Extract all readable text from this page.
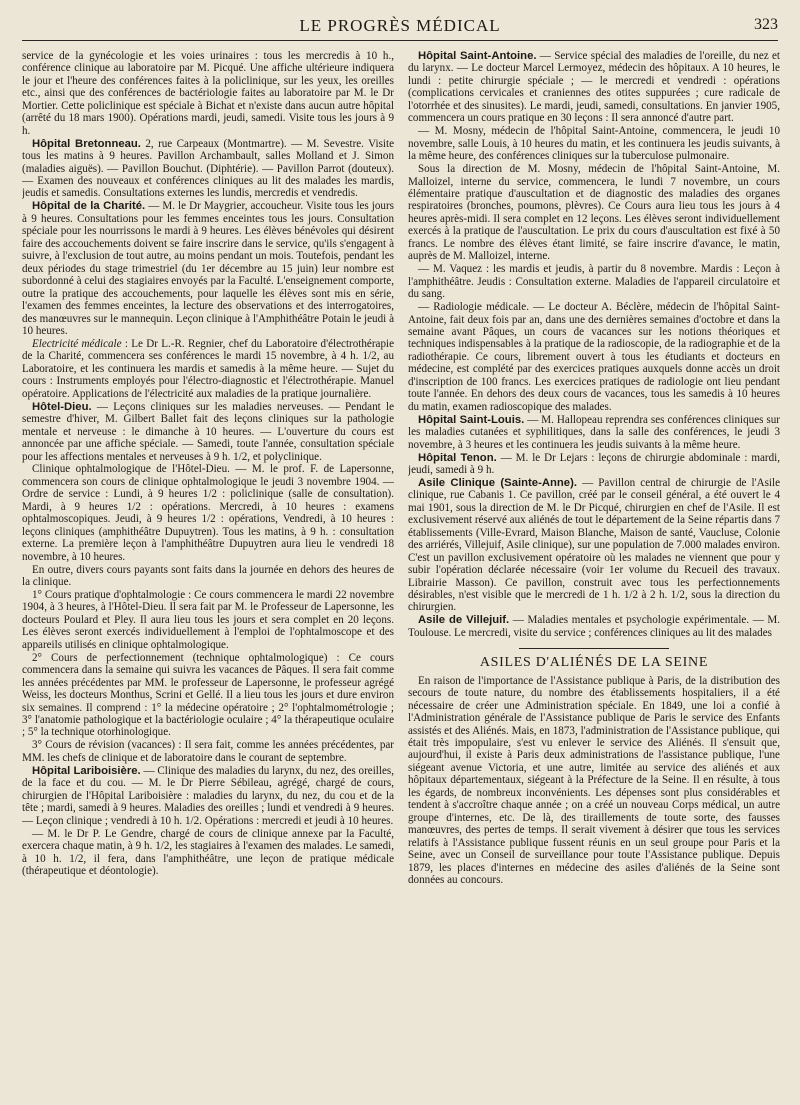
LE PROGRÈS MÉDICAL	323

service de la gynécologie et les voies urinaires : tous les mercredis à 10 h., conférence clinique au laboratoire par M. Picqué. Une affiche ultérieure indiquera le jour et l'heure des conférences faites à la policlinique, sur les yeux, les oreilles etc., ainsi que des conférences de bactériologie faites au laboratoire par M. le Dr Mortier. Cette policlinique est spéciale à Bichat et n'existe dans aucun autre hôpital (arrêté du 18 mars 1900). Opérations mardi, jeudi, samedi. Visite tous les jours à 9 h.

Hôpital Bretonneau. 2, rue Carpeaux (Montmartre). — M. Sevestre. Visite tous les matins à 9 heures. Pavillon Archambault, salles Molland et J. Simon (maladies aiguës). — Pavillon Bouchut. (Diphtérie). — Pavillon Parrot (douteux). — Examen des nouveaux et conférences cliniques au lit des malades les mardis, jeudis et samedis. Consultations externes les lundis, mercredis et vendredis.

Hôpital de la Charité. — M. le Dr Maygrier, accoucheur. Visite tous les jours à 9 heures. Consultations pour les femmes enceintes tous les jours. Consultation spéciale pour les nourrissons le mardi à 9 heures. Les élèves bénévoles qui désirent faire des accouchements doivent se faire inscrire dans le service, qu'ils s'engagent à suivre, à l'exclusion de tout autre, au moins pendant un mois. Toutefois, pendant les deux périodes du stage trimestriel (du 1er décembre au 15 juin) leur nombre est subordonné à celui des stagiaires envoyés par la Faculté. L'enseignement comporte, outre la pratique des accouchements, pour laquelle les élèves sont mis en série, l'examen des femmes enceintes, la lecture des observations et des interrogatoires, des manœuvres sur le mannequin. Leçon clinique à l'Amphithéâtre Potain le jeudi à 10 heures.

Electricité médicale : Le Dr L.-R. Regnier, chef du Laboratoire d'électrothérapie de la Charité, commencera ses conférences le mardi 15 novembre, à 4 h. 1/2, au Laboratoire, et les continuera les mardis et samedis à la même heure. — Sujet du cours : Instruments employés pour l'électro-diagnostic et l'électrothérapie. Manuel opératoire. Applications de l'électricité aux maladies de la pratique journalière.

Hôtel-Dieu. — Leçons cliniques sur les maladies nerveuses. — Pendant le semestre d'hiver, M. Gilbert Ballet fait des leçons cliniques sur la pathologie mentale et nerveuse : le dimanche à 10 heures. — L'ouverture du cours est annoncée par une affiche spéciale. — Samedi, toute l'année, consultation spéciale pour les affections mentales et nerveuses à 9 h. 1/2, et polyclinique.

Clinique ophtalmologique de l'Hôtel-Dieu. — M. le prof. F. de Lapersonne, commencera son cours de clinique ophtalmologique le jeudi 3 novembre 1904. — Ordre de service : Lundi, à 9 heures 1/2 : policlinique (salle de consultation). Mardi, à 9 heures 1/2 : opérations. Mercredi, à 10 heures : examens ophtalmoscopiques. Jeudi, à 9 heures 1/2 : opérations, Vendredi, à 10 heures : leçons cliniques (amphithéâtre Dupuytren). Tous les matins, à 9 h. : consultation externe. La première leçon à l'amphithéâtre Dupuytren aura lieu le vendredi 18 novembre, à 10 heures.

En outre, divers cours payants sont faits dans la journée en dehors des heures de la clinique.

1° Cours pratique d'ophtalmologie : Ce cours commencera le mardi 22 novembre 1904, à 3 heures, à l'Hôtel-Dieu. Il sera fait par M. le Professeur de Lapersonne, les docteurs Poulard et Pley. Il aura lieu tous les jours et sera complet en 20 leçons. Les élèves seront exercés individuellement à l'emploi de l'ophtalmoscope et des appareils utilisés en clinique ophtalmologique.

2° Cours de perfectionnement (technique ophtalmologique) : Ce cours commencera dans la semaine qui suivra les vacances de Pâques. Il sera fait comme les années précédentes par MM. le professeur de Lapersonne, le professeur agrégé Weiss, les docteurs Monthus, Scrini et Gellé. Il a lieu tous les jours et dure environ six semaines. Il comprend : 1° la médecine opératoire ; 2° l'ophtalmométrologie ; 3° l'anatomie pathologique et la bactériologie oculaire ; 4° la thérapeutique oculaire ; 5° la technique otorhinologique.

3° Cours de révision (vacances) : Il sera fait, comme les années précédentes, par MM. les chefs de clinique et de laboratoire dans le courant de septembre.

Hôpital Lariboisière. — Clinique des maladies du larynx, du nez, des oreilles, de la face et du cou. — M. le Dr Pierre Sébileau, agrégé, chargé de cours, chirurgien de l'Hôpital Lariboisière : maladies du larynx, du nez, du cou et de la tête ; mardi, samedi à 9 heures. Maladies des oreilles ; lundi et vendredi à 9 heures. — Leçon clinique ; vendredi à 10 h. 1/2. Opérations : mercredi et jeudi à 10 heures.

— M. le Dr P. Le Gendre, chargé de cours de clinique annexe par la Faculté, exercera chaque matin, à 9 h. 1/2, les stagiaires à l'examen des malades. Le samedi, à 10 h. 1/2, il fera, dans l'amphithéâtre, une leçon de pratique médicale (thérapeutique et déontologie).

Hôpital Saint-Antoine. — Service spécial des maladies de l'oreille, du nez et du larynx. — Le docteur Marcel Lermoyez, médecin des hôpitaux. A 10 heures, le lundi : petite chirurgie spéciale ; — le mercredi et vendredi : opérations (complications cervicales et craniennes des otites suppurées ; cure radicale de l'otorrhée et des sinusites). Le mardi, jeudi, samedi, consultations. En janvier 1905, commencera un cours pratique en 30 leçons : Il sera annoncé d'autre part.

— M. Mosny, médecin de l'hôpital Saint-Antoine, commencera, le jeudi 10 novembre, salle Louis, à 10 heures du matin, et les continuera les jeudis suivants, à la même heure, des conférences cliniques sur la tuberculose pulmonaire.

Sous la direction de M. Mosny, médecin de l'hôpital Saint-Antoine, M. Malloizel, interne du service, commencera, le lundi 7 novembre, un cours élémentaire pratique d'auscultation et de diagnostic des maladies des organes respiratoires (bronches, poumons, plèvres). Ce Cours aura lieu tous les jours à 4 heures après-midi. Il sera complet en 12 leçons. Les élèves seront individuellement exercés à la pratique de l'auscultation. Le prix du cours d'auscultation est fixé à 50 francs. Le nombre des élèves étant limité, se faire inscrire d'avance, le matin, auprès de M. Malloizel, interne.

— M. Vaquez : les mardis et jeudis, à partir du 8 novembre. Mardis : Leçon à l'amphithéâtre. Jeudis : Consultation externe. Maladies de l'appareil circulatoire et du sang.

— Radiologie médicale. — Le docteur A. Béclère, médecin de l'hôpital Saint-Antoine, fait deux fois par an, dans une des dernières semaines d'octobre et dans la semaine avant Pâques, un cours de vacances sur les notions théoriques et techniques indispensables à la pratique de la radioscopie, de la radiographie et de la radiothérapie. Ce cours, librement ouvert à tous les étudiants et docteurs en médecine, est complété par des exercices pratiques auxquels donne accès un droit d'inscription de 100 francs. Les exercices pratiques de radiologie ont lieu pendant toute l'année. En dehors des deux cours de vacances, tous les samedis à 10 heures du matin, examen radioscopique des malades.

Hôpital Saint-Louis. — M. Hallopeau reprendra ses conférences cliniques sur les maladies cutanées et syphilitiques, dans la salle des conférences, le jeudi 3 novembre, à 3 heures et les continuera les jeudis suivants à la même heure.

Hôpital Tenon. — M. le Dr Lejars : leçons de chirurgie abdominale : mardi, jeudi, samedi à 9 h.

Asile Clinique (Sainte-Anne). — Pavillon central de chirurgie de l'Asile clinique, rue Cabanis 1. Ce pavillon, créé par le conseil général, a été ouvert le 4 mai 1901, sous la direction de M. le Dr Picqué, chirurgien en chef de l'Asile. Il est exclusivement réservé aux aliénés de tout le département de la Seine répartis dans 7 établissements (Ville-Evrard, Maison Blanche, Maison de santé, Vaucluse, Colonie des arriérés, Villejuif, Asile clinique), sur une population de 7.000 malades environ. C'est un pavillon exclusivement opératoire où les malades ne viennent que pour y subir l'opération déclarée nécessaire (voir 1er volume du Recueil des travaux. Librairie Masson). Ce pavillon, construit avec tous les perfectionnements désirables, n'est visible que le mercredi de 1 h. 1/2 à 2 h. 1/2, sous la direction du chirurgien.

Asile de Villejuif. — Maladies mentales et psychologie expérimentale. — M. Toulouse. Le mercredi, visite du service ; conférences cliniques au lit des malades

ASILES D'ALIÉNÉS DE LA SEINE

En raison de l'importance de l'Assistance publique à Paris, de la distribution des secours de toute nature, du nombre des établissements hospitaliers, il a été nécessaire de créer une Administration spéciale. En 1849, une loi a confié à l'Administration générale de l'Assistance publique de Paris le service des Enfants assistés et des Aliénés. Mais, en 1873, l'administration de l'Assistance publique, qui était très impopulaire, s'est vu enlever le service des Aliénés. Il s'ensuit que, aujourd'hui, il existe à Paris deux administrations de l'assistance publique, l'une siégeant avenue Victoria, et une autre, limitée au service des aliénés et aux hôpitaux départementaux, siégeant à la Préfecture de la Seine. Il en résulte, à tous les égards, de nombreux inconvénients. Les dépenses sont plus considérables et tendent à s'accroître chaque année ; on a créé un nouveau Corps médical, un autre groupe d'internes, etc. De là, des tiraillements de toute sorte, des fausses manœuvres, des pertes de temps. Il serait vivement à désirer que tous les services relatifs à l'Assistance publique fussent réunis en un seul groupe pour Paris et la Seine, avec un Conseil de surveillance pour toute l'Assistance publique. Depuis 1879, les places d'internes en médecine des asiles d'aliénés de la Seine sont données au concours.
